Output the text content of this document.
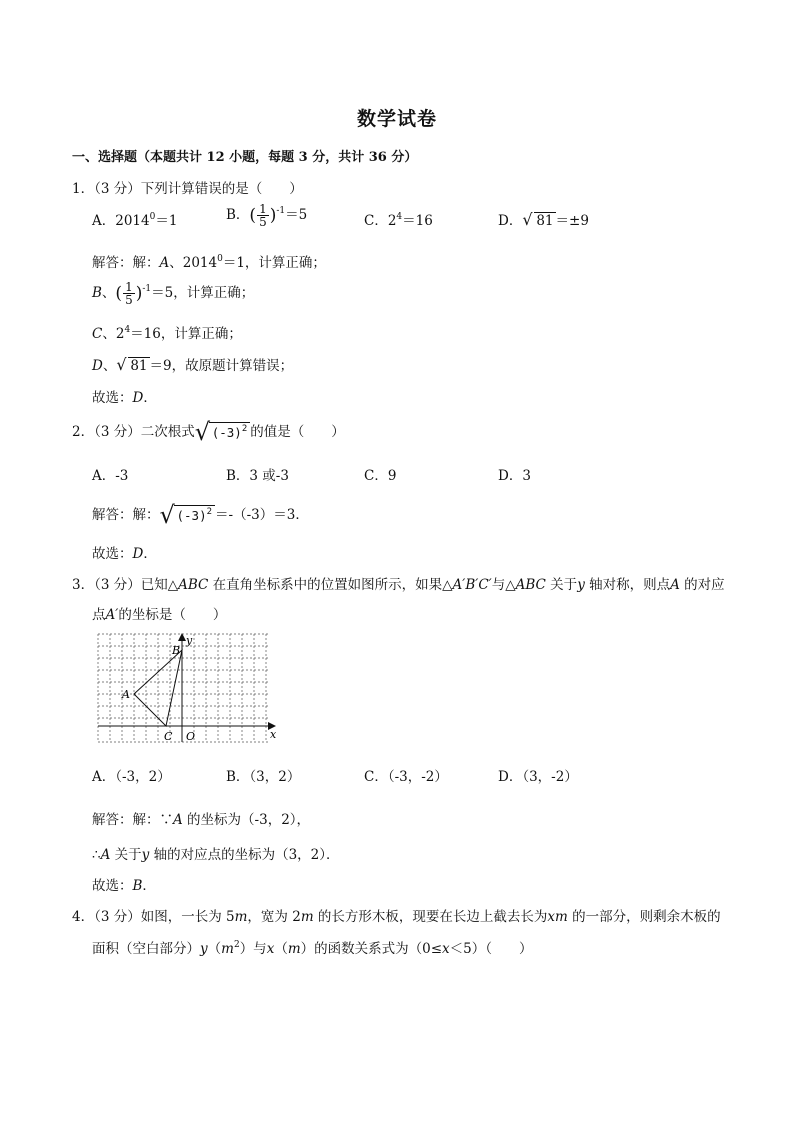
数学试卷
一、选择题（本题共计 12 小题，每题 3 分，共计 36 分）
1．（3 分）下列计算错误的是（　　）
A．$2014^0=1$	B．( $\frac{1}{5} )^{-1}=5$	C．$2^4=16$	D． √ 81 ＝±9
解答：解：A、$2014^0=1$，计算正确；
B、( $\frac{1}{5} )^{-1}=5$，计算正确；
C、$2^4=16$，计算正确；
D、 √ 81 ＝9，故原题计算错误；
故选：D．
2．（3 分）二次根式 √ $(-3)^2$ 的值是（　　）
A．-3	B．3 或-3	C．9	D．3
解答：解： √ $(-3)^2 =-(-3)=3$．
故选：D．
3．（3 分）已知△ABC 在直角坐标系中的位置如图所示，如果△A′B′C′与△ABC 关于y 轴对称，则点A 的对应
点A′的坐标是（　　）
B
y
A
C O	x
A．（-3，2）	B．（3，2）	C．（-3，-2）	D．（3，-2）
解答：解：∵A 的坐标为（-3，2），
∴A 关于y 轴的对应点的坐标为（3，2）．
故选：B．
4．（3 分）如图，一长为 5m，宽为 2m 的长方形木板，现要在长边上截去长为xm 的一部分，则剩余木板的
面积（空白部分）$y(m^2)$与x（m）的函数关系式为（0≤x＜5）（　　）
